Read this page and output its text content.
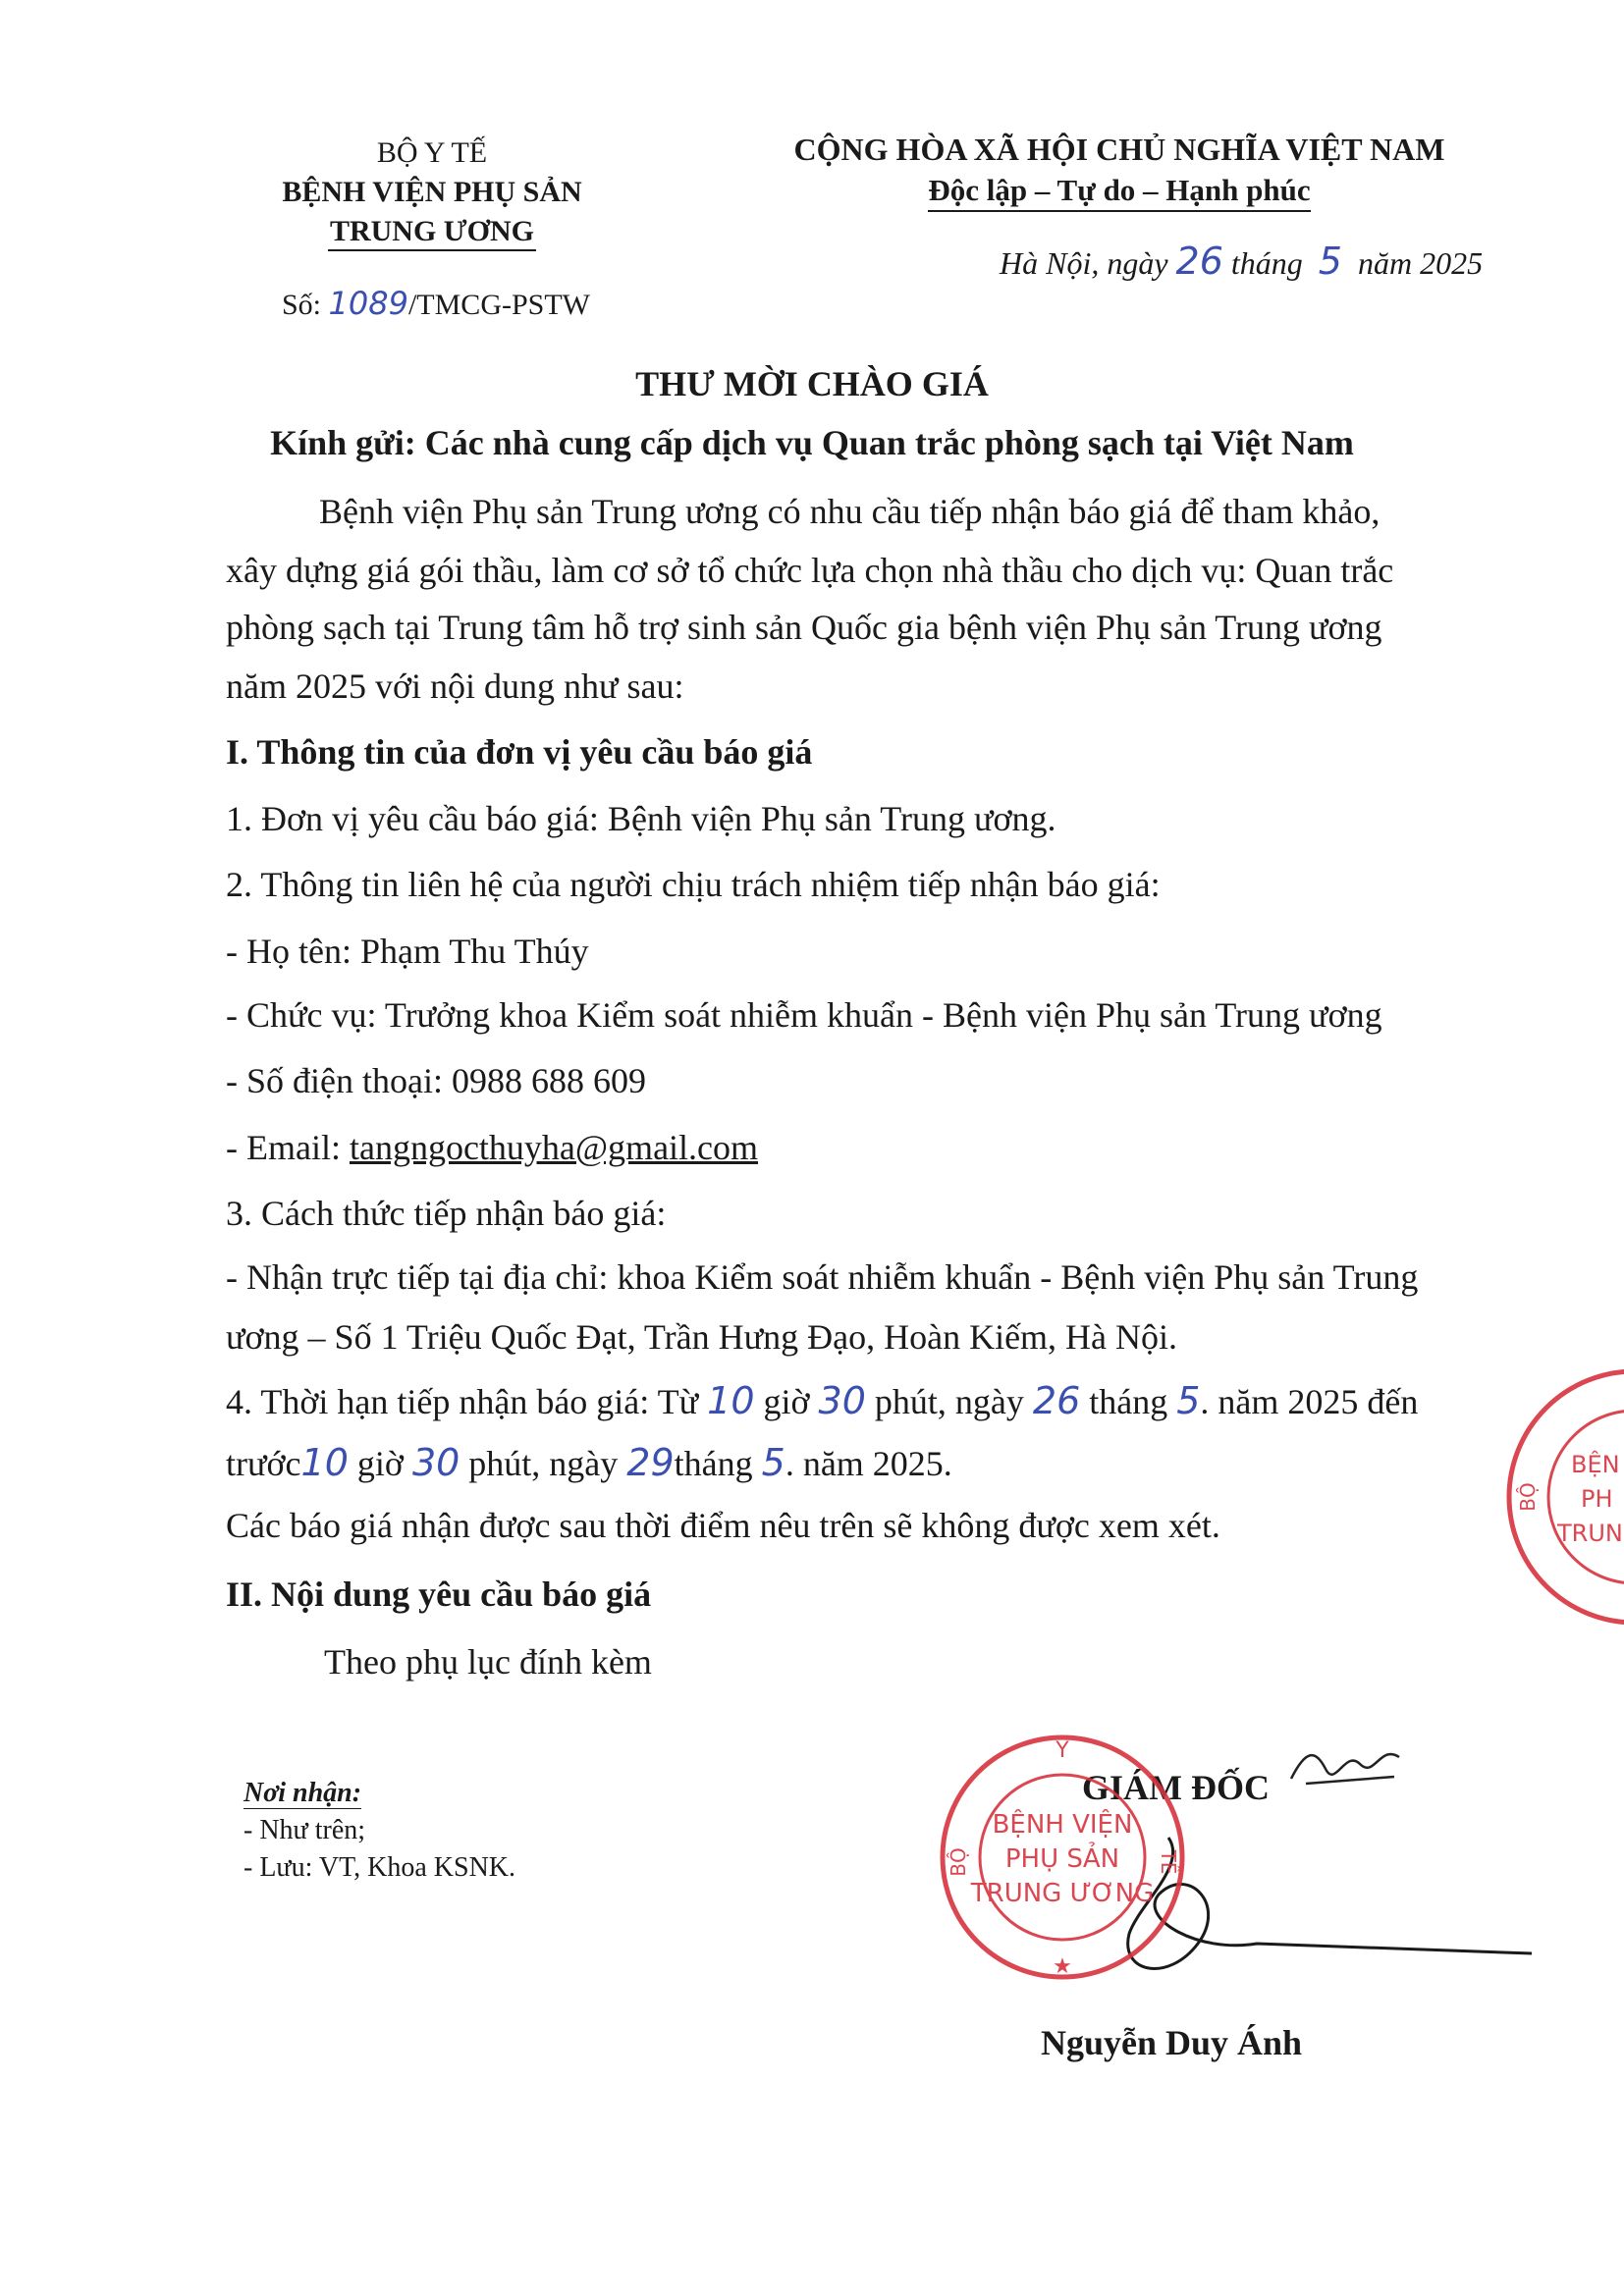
BỘ Y TẾ
BỆNH VIỆN PHỤ SẢN
TRUNG ƯƠNG
Số: 1089/TMCG-PSTW
CỘNG HÒA XÃ HỘI CHỦ NGHĨA VIỆT NAM
Độc lập – Tự do – Hạnh phúc
Hà Nội, ngày 26 tháng 5 năm 2025
THƯ MỜI CHÀO GIÁ
Kính gửi: Các nhà cung cấp dịch vụ Quan trắc phòng sạch tại Việt Nam
Bệnh viện Phụ sản Trung ương có nhu cầu tiếp nhận báo giá để tham khảo,
xây dựng giá gói thầu, làm cơ sở tổ chức lựa chọn nhà thầu cho dịch vụ: Quan trắc
phòng sạch tại Trung tâm hỗ trợ sinh sản Quốc gia bệnh viện Phụ sản Trung ương
năm 2025 với nội dung như sau:
I. Thông tin của đơn vị yêu cầu báo giá
1. Đơn vị yêu cầu báo giá: Bệnh viện Phụ sản Trung ương.
2. Thông tin liên hệ của người chịu trách nhiệm tiếp nhận báo giá:
- Họ tên: Phạm Thu Thúy
- Chức vụ: Trưởng khoa Kiểm soát nhiễm khuẩn - Bệnh viện Phụ sản Trung ương
- Số điện thoại: 0988 688 609
- Email: tangngocthuyha@gmail.com
3. Cách thức tiếp nhận báo giá:
- Nhận trực tiếp tại địa chỉ: khoa Kiểm soát nhiễm khuẩn - Bệnh viện Phụ sản Trung
ương – Số 1 Triệu Quốc Đạt, Trần Hưng Đạo, Hoàn Kiếm, Hà Nội.
4. Thời hạn tiếp nhận báo giá: Từ 10 giờ 30 phút, ngày 26 tháng 5. năm 2025 đến
trước10 giờ 30 phút, ngày 29tháng 5. năm 2025.
Các báo giá nhận được sau thời điểm nêu trên sẽ không được xem xét.
II. Nội dung yêu cầu báo giá
Theo phụ lục đính kèm
Nơi nhận:
- Như trên;
- Lưu: VT, Khoa KSNK.
GIÁM ĐỐC
Nguyễn Duy Ánh
Y
BỘ	TẾ
BỆNH VIỆN
PHỤ SẢN
TRUNG ƯƠNG
★
BỘ
BỆN
PH
TRUN
